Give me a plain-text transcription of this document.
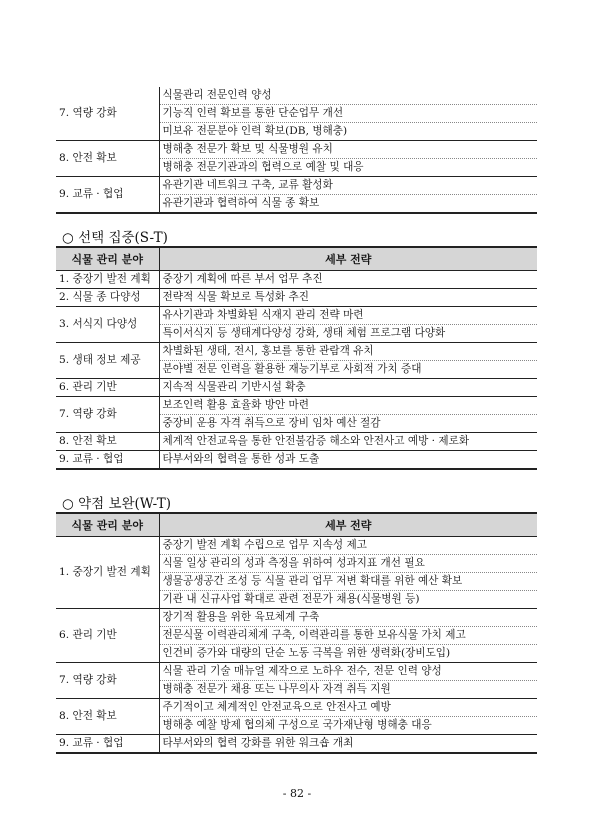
7. 역량 강화	식물관리 전문인력 양성
	기능직 인력 확보를 통한 단순업무 개선
	미보유 전문분야 인력 확보(DB, 병해충)
8. 안전 확보	병해충 전문가 확보 및 식물병원 유치
	병해충 전문기관과의 협력으로 예찰 및 대응
9. 교류 · 협업	유관기관 네트워크 구축, 교류 활성화
	유관기관과 협력하여 식물 종 확보
○ 선택 집중(S-T)
식물 관리 분야	세부 전략
1. 중장기 발전 계획	중장기 계획에 따른 부서 업무 추진
2. 식물 종 다양성	전략적 식물 확보로 특성화 추진
3. 서식지 다양성	유사기관과 차별화된 식재지 관리 전략 마련
	특이서식지 등 생태계다양성 강화, 생태 체험 프로그램 다양화
5. 생태 정보 제공	차별화된 생태, 전시, 홍보를 통한 관람객 유치
	분야별 전문 인력을 활용한 재능기부로 사회적 가치 증대
6. 관리 기반	지속적 식물관리 기반시설 확충
7. 역량 강화	보조인력 활용 효율화 방안 마련
	중장비 운용 자격 취득으로 장비 임차 예산 절감
8. 안전 확보	체계적 안전교육을 통한 안전불감증 해소와 안전사고 예방 · 제로화
9. 교류 · 협업	타부서와의 협력을 통한 성과 도출
○ 약점 보완(W-T)
식물 관리 분야	세부 전략
1. 중장기 발전 계획	중장기 발전 계획 수립으로 업무 지속성 제고
	식물 일상 관리의 성과 측정을 위하여 성과지표 개선 필요
	생물공생공간 조성 등 식물 관리 업무 저변 확대를 위한 예산 확보
	기관 내 신규사업 확대로 관련 전문가 채용(식물병원 등)
6. 관리 기반	장기적 활용을 위한 육묘체계 구축
	전문식물 이력관리체계 구축, 이력관리를 통한 보유식물 가치 제고
	인건비 증가와 대량의 단순 노동 극복을 위한 생력화(장비도입)
7. 역량 강화	식물 관리 기술 매뉴얼 제작으로 노하우 전수, 전문 인력 양성
	병해충 전문가 채용 또는 나무의사 자격 취득 지원
8. 안전 확보	주기적이고 체계적인 안전교육으로 안전사고 예방
	병해충 예찰 방제 협의체 구성으로 국가재난형 병해충 대응
9. 교류 · 협업	타부서와의 협력 강화를 위한 워크숍 개최
- 82 -
